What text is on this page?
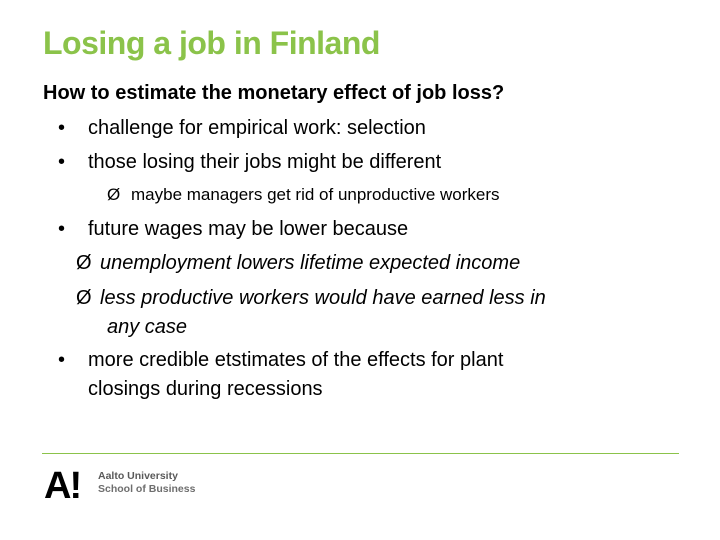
Losing a job in Finland
How to estimate the monetary effect of job loss?
• challenge for empirical work: selection
• those losing their jobs might be different
Ø maybe managers get rid of unproductive workers
• future wages may be lower because
Ø unemployment lowers lifetime expected income
Ø less productive workers would have earned less in
any case
• more credible etstimates of the effects for plant
closings during recessions
A! Aalto University
School of Business
